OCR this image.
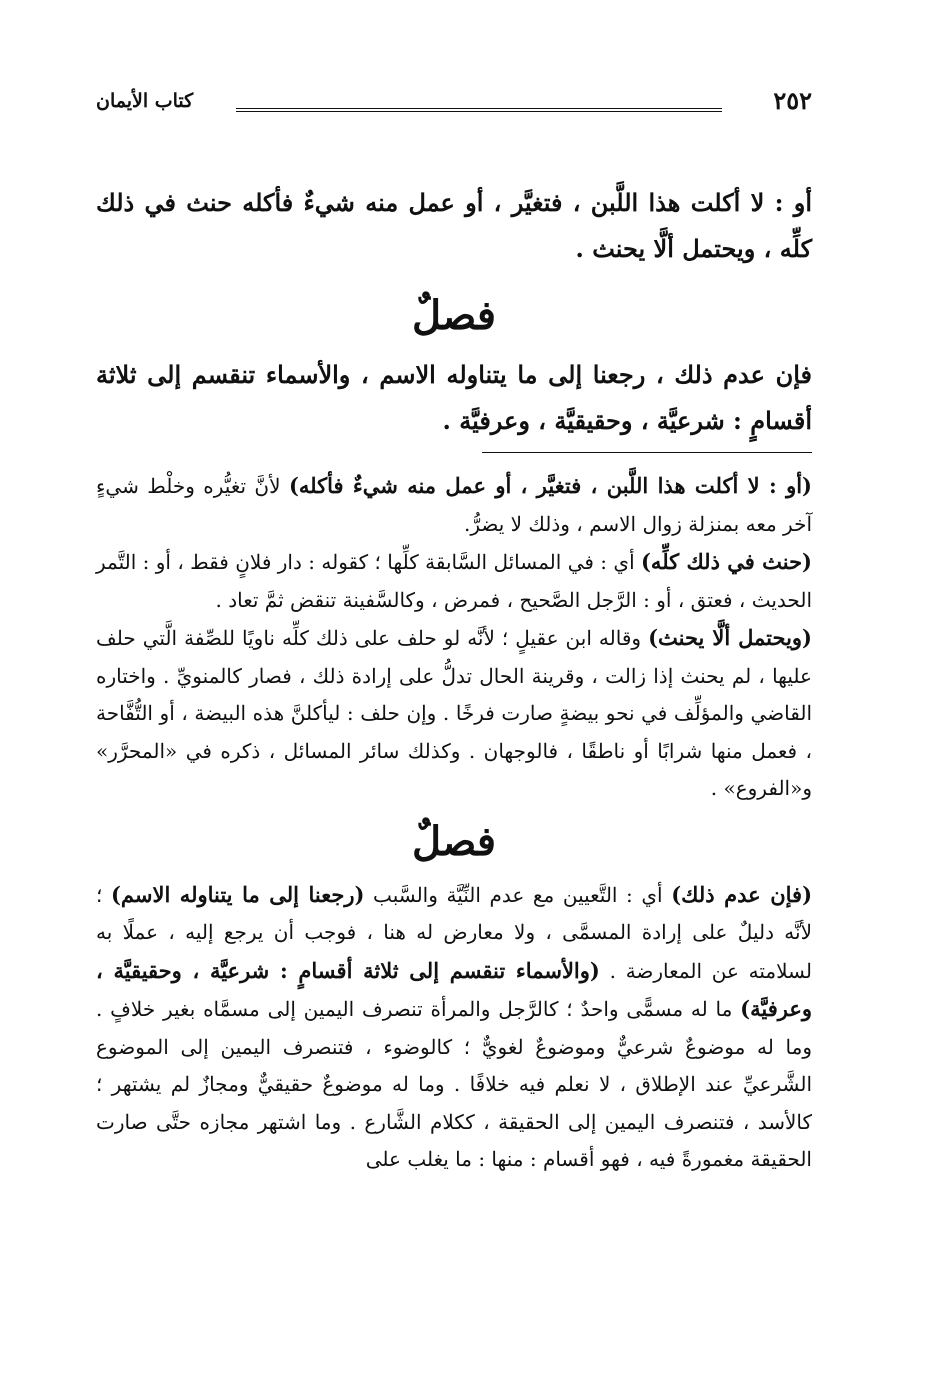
٢٥٢
كتاب الأيمان

أو : لا أكلت هذا اللَّبن ، فتغيَّر ، أو عمل منه شيءٌ فأكله حنث في ذلك كلِّه ، ويحتمل ألَّا يحنث .

فصلٌ

فإن عدم ذلك ، رجعنا إلى ما يتناوله الاسم ، والأسماء تنقسم إلى ثلاثة أقسامٍ : شرعيَّة ، وحقيقيَّة ، وعرفيَّة .

(أو : لا أكلت هذا اللَّبن ، فتغيَّر ، أو عمل منه شيءٌ فأكله) لأنَّ تغيُّره وخلْط شيءٍ آخر معه بمنزلة زوال الاسم ، وذلك لا يضرُّ.

(حنث في ذلك كلِّه) أي : في المسائل السَّابقة كلِّها ؛ كقوله : دار فلانٍ فقط ، أو : التَّمر الحديث ، فعتق ، أو : الرَّجل الصَّحيح ، فمرض ، وكالسَّفينة تنقض ثمَّ تعاد .

(ويحتمل ألَّا يحنث) وقاله ابن عقيلٍ ؛ لأنَّه لو حلف على ذلك كلِّه ناويًا للصِّفة الَّتي حلف عليها ، لم يحنث إذا زالت ، وقرينة الحال تدلُّ على إرادة ذلك ، فصار كالمنويِّ . واختاره القاضي والمؤلِّف في نحو بيضةٍ صارت فرخًا . وإن حلف : ليأكلنَّ هذه البيضة ، أو التُّفَّاحة ، فعمل منها شرابًا أو ناطقًا ، فالوجهان . وكذلك سائر المسائل ، ذكره في «المحرَّر» و«الفروع» .

فصلٌ

(فإن عدم ذلك) أي : التَّعيين مع عدم النِّيَّة والسَّبب (رجعنا إلى ما يتناوله الاسم) ؛ لأنَّه دليلٌ على إرادة المسمَّى ، ولا معارض له هنا ، فوجب أن يرجع إليه ، عملًا به لسلامته عن المعارضة . (والأسماء تنقسم إلى ثلاثة أقسامٍ : شرعيَّة ، وحقيقيَّة ، وعرفيَّة) ما له مسمًّى واحدٌ ؛ كالرَّجل والمرأة تنصرف اليمين إلى مسمَّاه بغير خلافٍ . وما له موضوعٌ شرعيٌّ وموضوعٌ لغويٌّ ؛ كالوضوء ، فتنصرف اليمين إلى الموضوع الشَّرعيِّ عند الإطلاق ، لا نعلم فيه خلافًا . وما له موضوعٌ حقيقيٌّ ومجازٌ لم يشتهر ؛ كالأسد ، فتنصرف اليمين إلى الحقيقة ، ككلام الشَّارع . وما اشتهر مجازه حتَّى صارت الحقيقة مغمورةً فيه ، فهو أقسام : منها : ما يغلب على
